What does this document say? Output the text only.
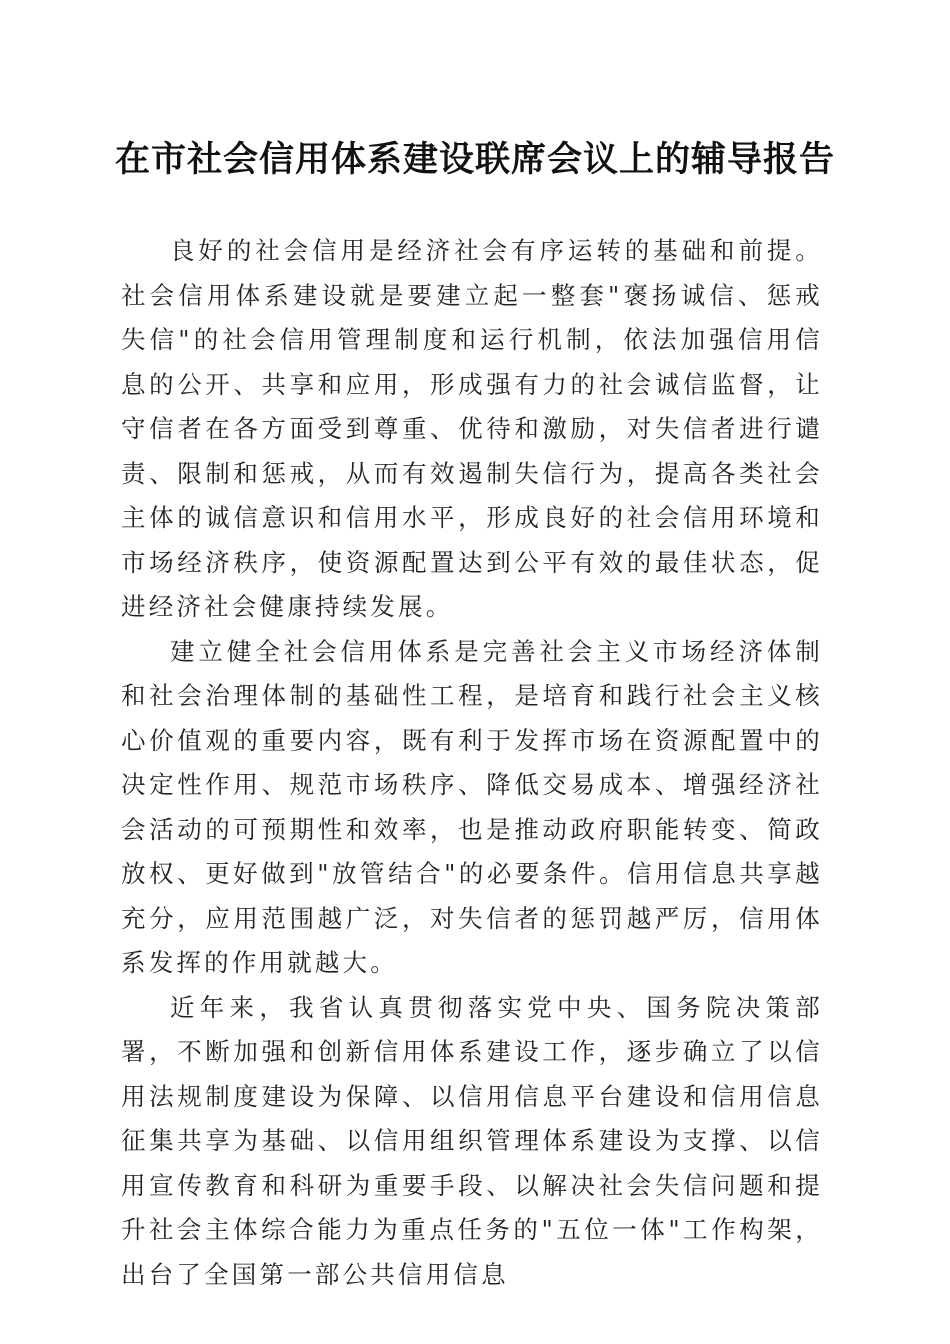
在市社会信用体系建设联席会议上的辅导报告

良好的社会信用是经济社会有序运转的基础和前提。社会信用体系建设就是要建立起一整套"褒扬诚信、惩戒失信"的社会信用管理制度和运行机制，依法加强信用信息的公开、共享和应用，形成强有力的社会诚信监督，让守信者在各方面受到尊重、优待和激励，对失信者进行谴责、限制和惩戒，从而有效遏制失信行为，提高各类社会主体的诚信意识和信用水平，形成良好的社会信用环境和市场经济秩序，使资源配置达到公平有效的最佳状态，促进经济社会健康持续发展。

建立健全社会信用体系是完善社会主义市场经济体制和社会治理体制的基础性工程，是培育和践行社会主义核心价值观的重要内容，既有利于发挥市场在资源配置中的决定性作用、规范市场秩序、降低交易成本、增强经济社会活动的可预期性和效率，也是推动政府职能转变、简政放权、更好做到"放管结合"的必要条件。信用信息共享越充分，应用范围越广泛，对失信者的惩罚越严厉，信用体系发挥的作用就越大。

近年来，我省认真贯彻落实党中央、国务院决策部署，不断加强和创新信用体系建设工作，逐步确立了以信用法规制度建设为保障、以信用信息平台建设和信用信息征集共享为基础、以信用组织管理体系建设为支撑、以信用宣传教育和科研为重要手段、以解决社会失信问题和提升社会主体综合能力为重点任务的"五位一体"工作构架，出台了全国第一部公共信用信息
